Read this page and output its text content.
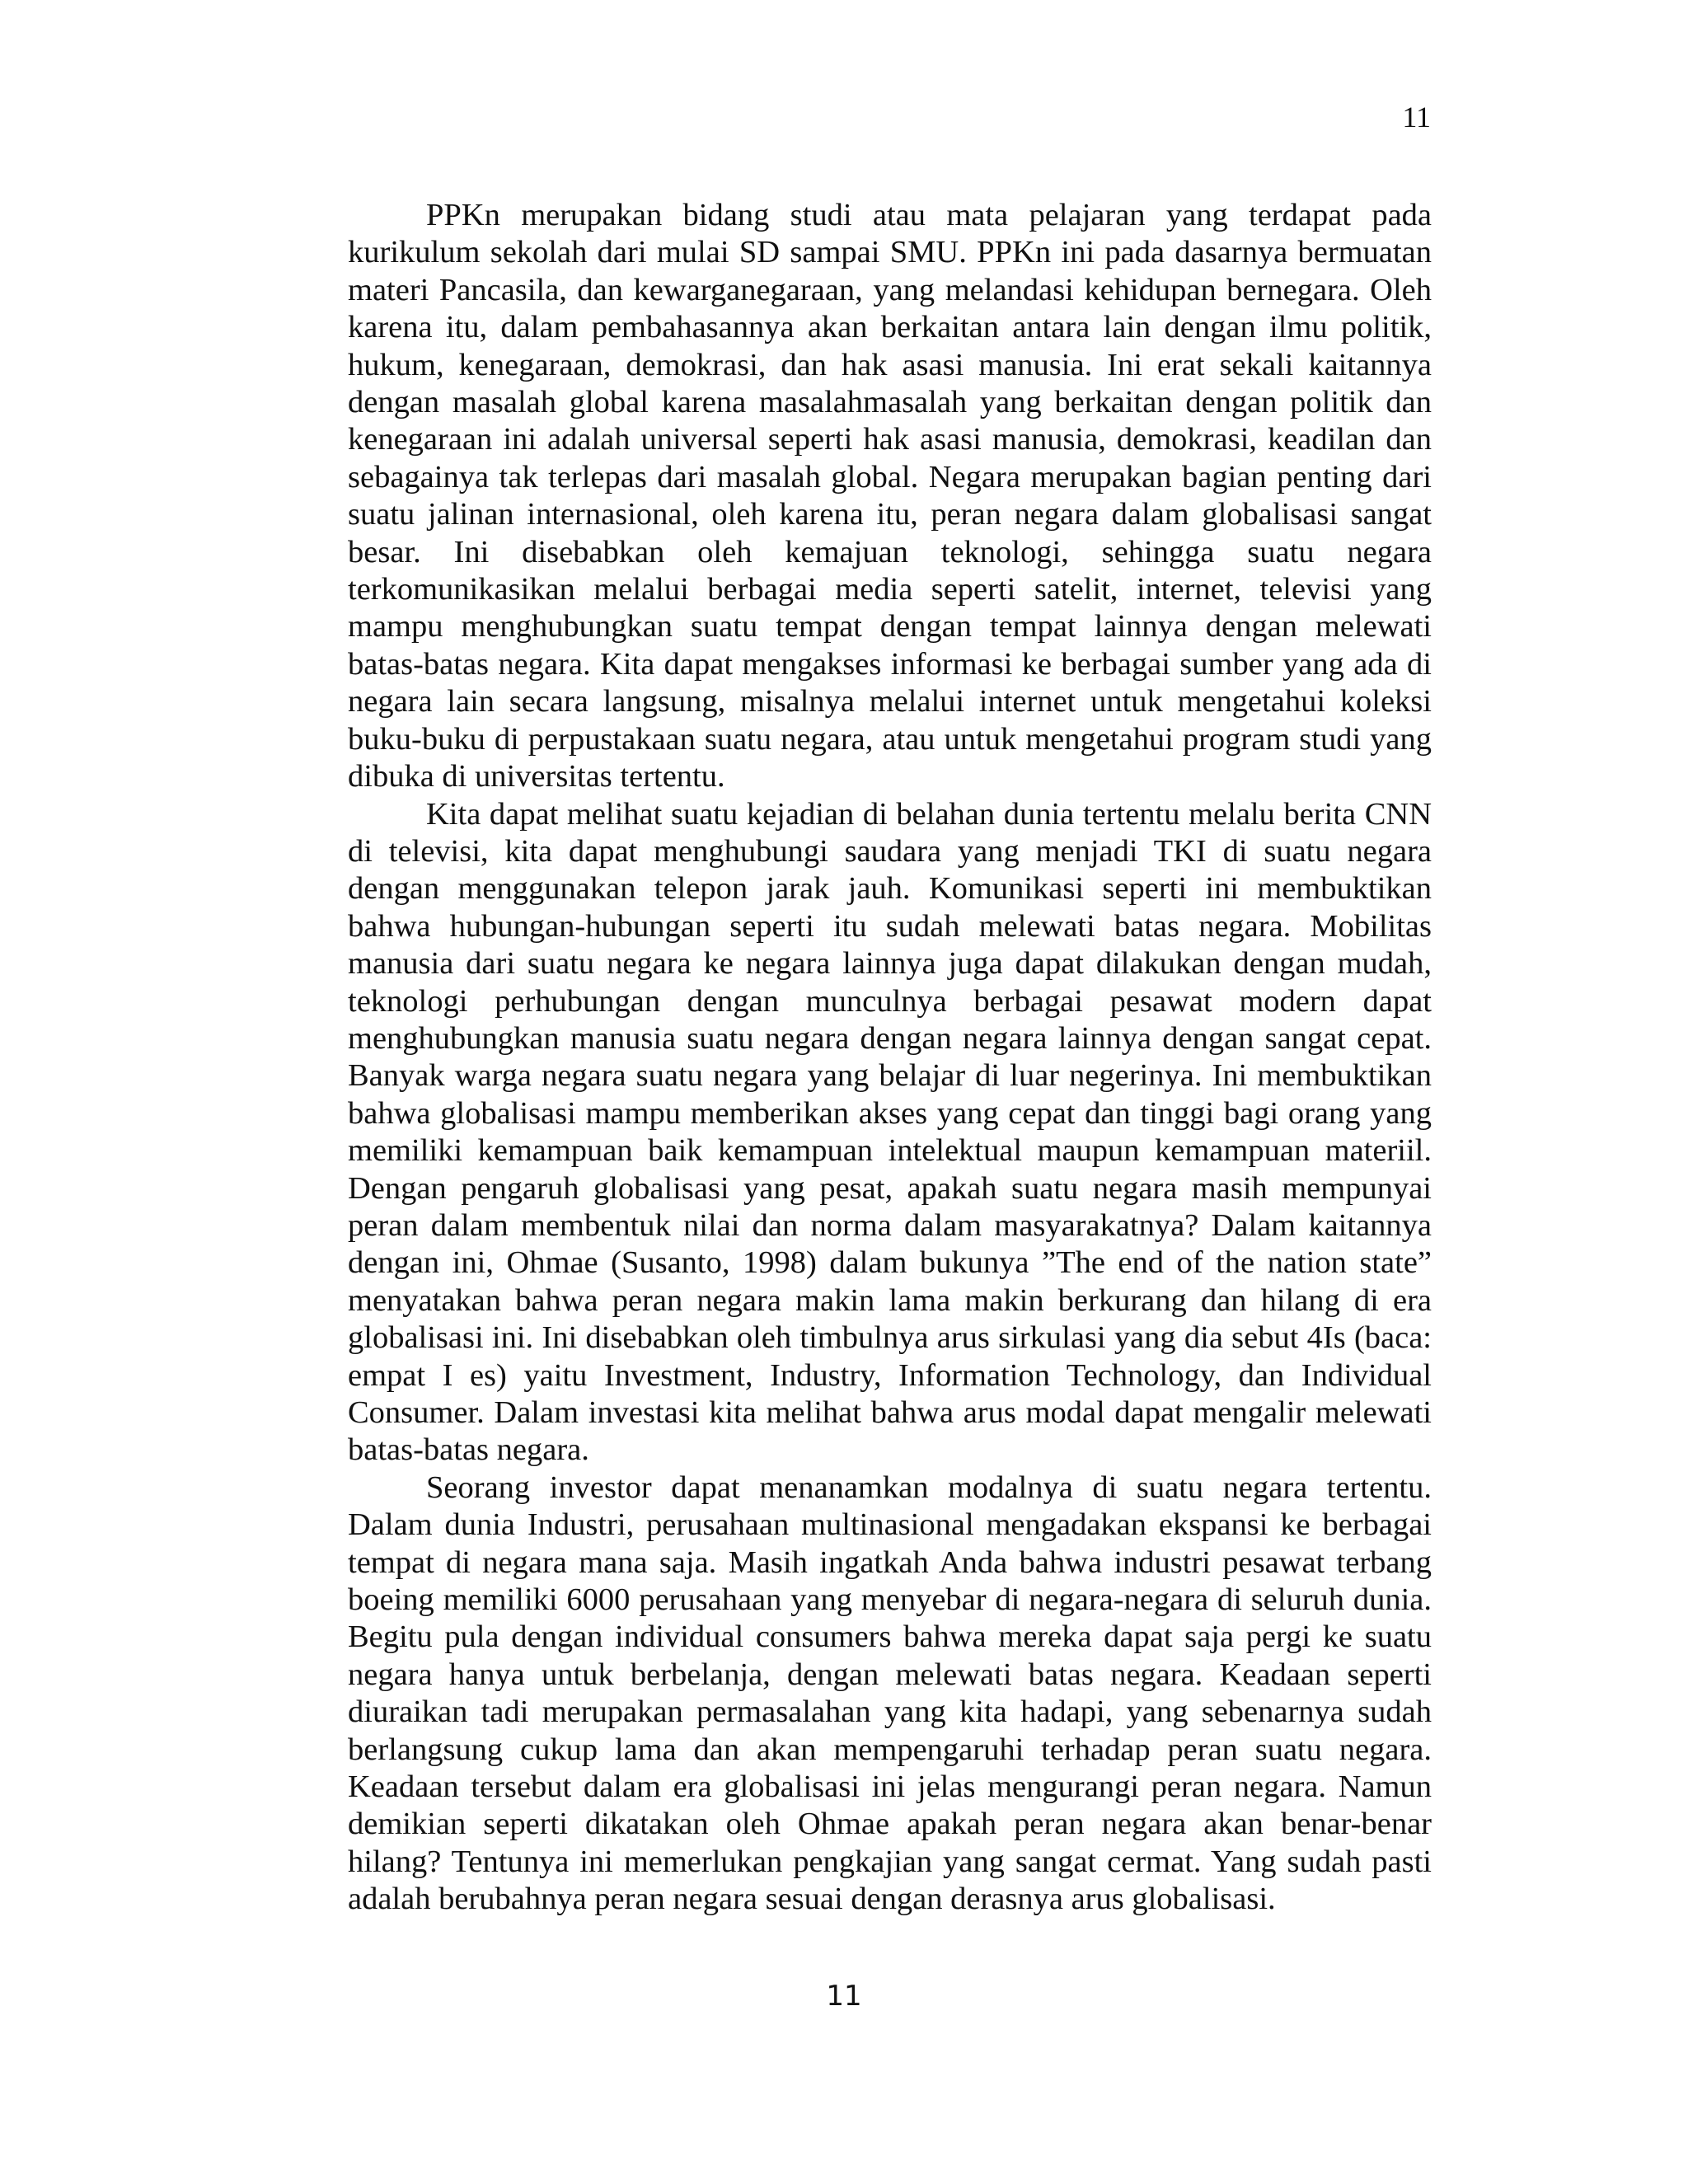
11

PPKn merupakan bidang studi atau mata pelajaran yang terdapat pada kurikulum sekolah dari mulai SD sampai SMU. PPKn ini pada dasarnya bermuatan materi Pancasila, dan kewarganegaraan, yang melandasi kehidupan bernegara. Oleh karena itu, dalam pembahasannya akan berkaitan antara lain dengan ilmu politik, hukum, kenegaraan, demokrasi, dan hak asasi manusia. Ini erat sekali kaitannya dengan masalah global karena masalahmasalah yang berkaitan dengan politik dan kenegaraan ini adalah universal seperti hak asasi manusia, demokrasi, keadilan dan sebagainya tak terlepas dari masalah global. Negara merupakan bagian penting dari suatu jalinan internasional, oleh karena itu, peran negara dalam globalisasi sangat besar. Ini disebabkan oleh kemajuan teknologi, sehingga suatu negara terkomunikasikan melalui berbagai media seperti satelit, internet, televisi yang mampu menghubungkan suatu tempat dengan tempat lainnya dengan melewati batas-batas negara. Kita dapat mengakses informasi ke berbagai sumber yang ada di negara lain secara langsung, misalnya melalui internet untuk mengetahui koleksi buku-buku di perpustakaan suatu negara, atau untuk mengetahui program studi yang dibuka di universitas tertentu.

Kita dapat melihat suatu kejadian di belahan dunia tertentu melalu berita CNN di televisi, kita dapat menghubungi saudara yang menjadi TKI di suatu negara dengan menggunakan telepon jarak jauh. Komunikasi seperti ini membuktikan bahwa hubungan-hubungan seperti itu sudah melewati batas negara. Mobilitas manusia dari suatu negara ke negara lainnya juga dapat dilakukan dengan mudah, teknologi perhubungan dengan munculnya berbagai pesawat modern dapat menghubungkan manusia suatu negara dengan negara lainnya dengan sangat cepat. Banyak warga negara suatu negara yang belajar di luar negerinya. Ini membuktikan bahwa globalisasi mampu memberikan akses yang cepat dan tinggi bagi orang yang memiliki kemampuan baik kemampuan intelektual maupun kemampuan materiil. Dengan pengaruh globalisasi yang pesat, apakah suatu negara masih mempunyai peran dalam membentuk nilai dan norma dalam masyarakatnya? Dalam kaitannya dengan ini, Ohmae (Susanto, 1998) dalam bukunya ”The end of the nation state” menyatakan bahwa peran negara makin lama makin berkurang dan hilang di era globalisasi ini. Ini disebabkan oleh timbulnya arus sirkulasi yang dia sebut 4Is (baca: empat I es) yaitu Investment, Industry, Information Technology, dan Individual Consumer. Dalam investasi kita melihat bahwa arus modal dapat mengalir melewati batas-batas negara.

Seorang investor dapat menanamkan modalnya di suatu negara tertentu. Dalam dunia Industri, perusahaan multinasional mengadakan ekspansi ke berbagai tempat di negara mana saja. Masih ingatkah Anda bahwa industri pesawat terbang boeing memiliki 6000 perusahaan yang menyebar di negara-negara di seluruh dunia. Begitu pula dengan individual consumers bahwa mereka dapat saja pergi ke suatu negara hanya untuk berbelanja, dengan melewati batas negara. Keadaan seperti diuraikan tadi merupakan permasalahan yang kita hadapi, yang sebenarnya sudah berlangsung cukup lama dan akan mempengaruhi terhadap peran suatu negara. Keadaan tersebut dalam era globalisasi ini jelas mengurangi peran negara. Namun demikian seperti dikatakan oleh Ohmae apakah peran negara akan benar-benar hilang? Tentunya ini memerlukan pengkajian yang sangat cermat. Yang sudah pasti adalah berubahnya peran negara sesuai dengan derasnya arus globalisasi.

11
